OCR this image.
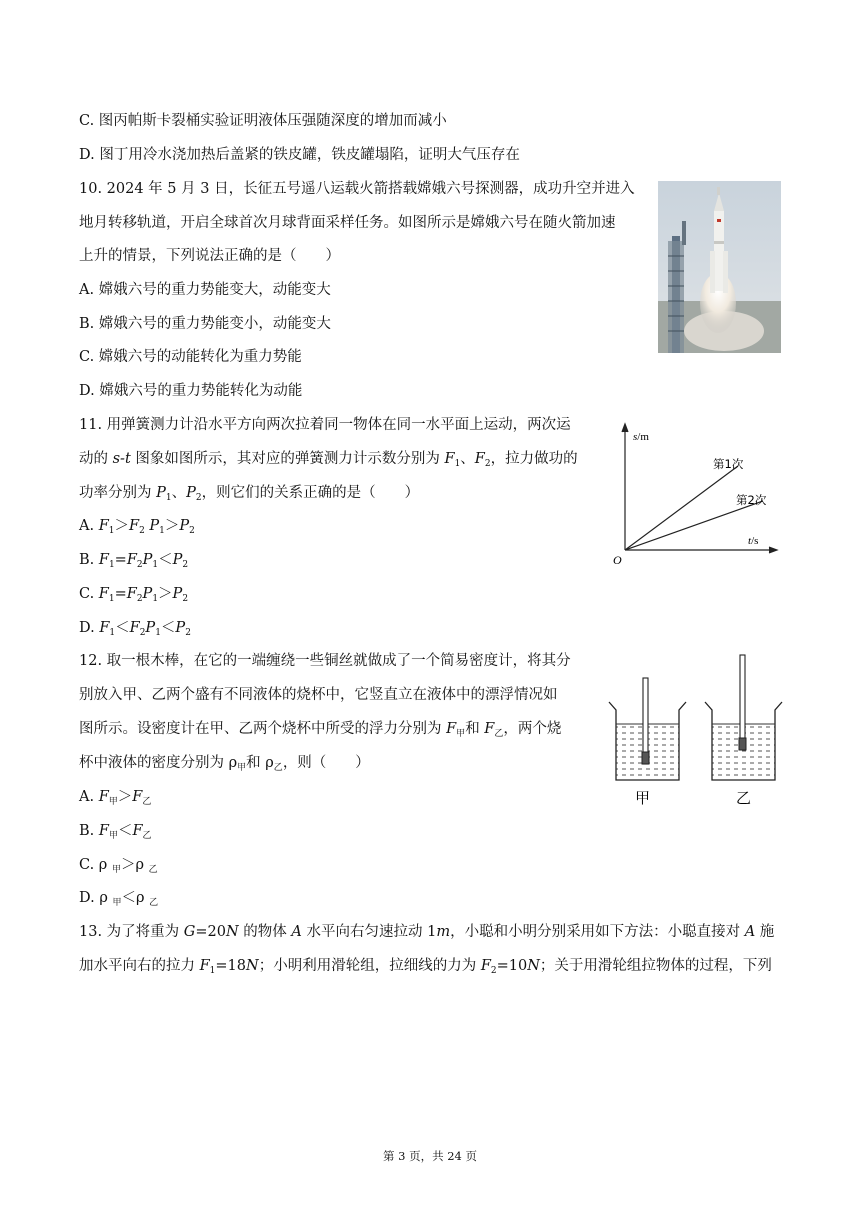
C. 图丙帕斯卡裂桶实验证明液体压强随深度的增加而减小
D. 图丁用冷水浇加热后盖紧的铁皮罐，铁皮罐塌陷，证明大气压存在
10. 2024 年 5 月 3 日，长征五号遥八运载火箭搭载嫦娥六号探测器，成功升空并进入
地月转移轨道，开启全球首次月球背面采样任务。如图所示是嫦娥六号在随火箭加速
上升的情景，下列说法正确的是（　　）
A. 嫦娥六号的重力势能变大，动能变大
B. 嫦娥六号的重力势能变小，动能变大
C. 嫦娥六号的动能转化为重力势能
D. 嫦娥六号的重力势能转化为动能
11. 用弹簧测力计沿水平方向两次拉着同一物体在同一水平面上运动，两次运
动的 s-t 图象如图所示，其对应的弹簧测力计示数分别为 $F_1$、$F_2$，拉力做功的
功率分别为 $P_1$、$P_2$，则它们的关系正确的是（　　）
A. $F_1>F_2$ $P_1>P_2$
B. $F_1=F_2P_1<P_2$
C. $F_1=F_2P_1>P_2$
D. $F_1<F_2P_1<P_2$
s/m
t/s
O
第1次
第2次
12. 取一根木棒，在它的一端缠绕一些铜丝就做成了一个简易密度计，将其分
别放入甲、乙两个盛有不同液体的烧杯中，它竖直立在液体中的漂浮情况如
图所示。设密度计在甲、乙两个烧杯中所受的浮力分别为 $F_甲$和 $F_乙$，两个烧
杯中液体的密度分别为 $\rho_甲$和 $\rho_乙$，则（　　）
A. $F_甲>F_乙$
B. $F_甲<F_乙$
C. ρ $_甲$＞ρ $_乙$
D. ρ $_甲$＜ρ $_乙$
甲	乙
13. 为了将重为 G=20N 的物体 A 水平向右匀速拉动 1m，小聪和小明分别采用如下方法：小聪直接对 A 施
加水平向右的拉力 $F_1=18N$；小明利用滑轮组，拉细线的力为 $F_2=10N$；关于用滑轮组拉物体的过程，下列
第 3 页，共 24 页
